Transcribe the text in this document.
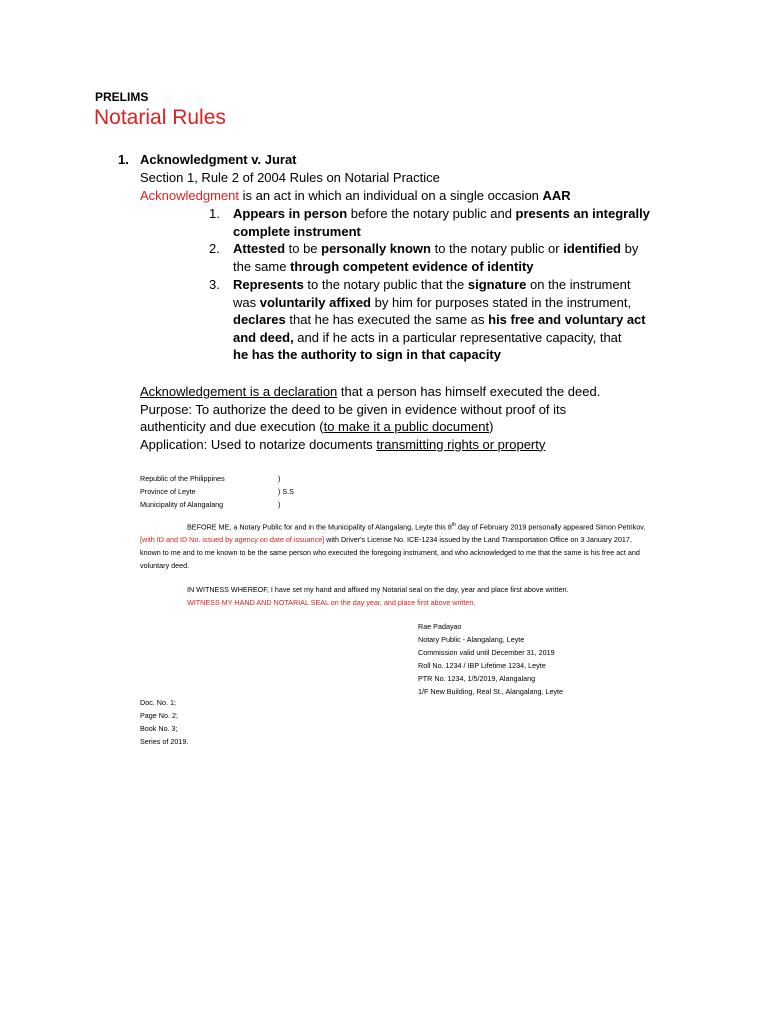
PRELIMS
Notarial Rules
1. Acknowledgment v. Jurat
Section 1, Rule 2 of 2004 Rules on Notarial Practice
Acknowledgment is an act in which an individual on a single occasion AAR
1. Appears in person before the notary public and presents an integrally
complete instrument
2. Attested to be personally known to the notary public or identified by
the same through competent evidence of identity
3. Represents to the notary public that the signature on the instrument
was voluntarily affixed by him for purposes stated in the instrument,
declares that he has executed the same as his free and voluntary act
and deed, and if he acts in a particular representative capacity, that
he has the authority to sign in that capacity
Acknowledgement is a declaration that a person has himself executed the deed.
Purpose: To authorize the deed to be given in evidence without proof of its
authenticity and due execution (to make it a public document)
Application: Used to notarize documents transmitting rights or property
Republic of the Philippines	)
Province of Leyte	) S.S
Municipality of Alangalang	)
BEFORE ME, a Notary Public for and in the Municipality of Alangalang, Leyte this 8th day of February 2019 personally appeared Simon Petrikov,
[with ID and ID No. issued by agency on date of issuance] with Driver's License No. ICE-1234 issued by the Land Transportation Office on 3 January 2017,
known to me and to me known to be the same person who executed the foregoing instrument, and who acknowledged to me that the same is his free act and
voluntary deed.
IN WITNESS WHEREOF, I have set my hand and affixed my Notarial seal on the day, year and place first above written.
WITNESS MY HAND AND NOTARIAL SEAL on the day year, and place first above written.
Rae Padayao
Notary Public - Alangalang, Leyte
Commission valid until December 31, 2019
Roll No. 1234 / IBP Lifetime 1234, Leyte
PTR No. 1234, 1/5/2019, Alangalang
1/F New Building, Real St., Alangalang, Leyte
Doc. No. 1;
Page No. 2;
Book No. 3;
Series of 2019.
